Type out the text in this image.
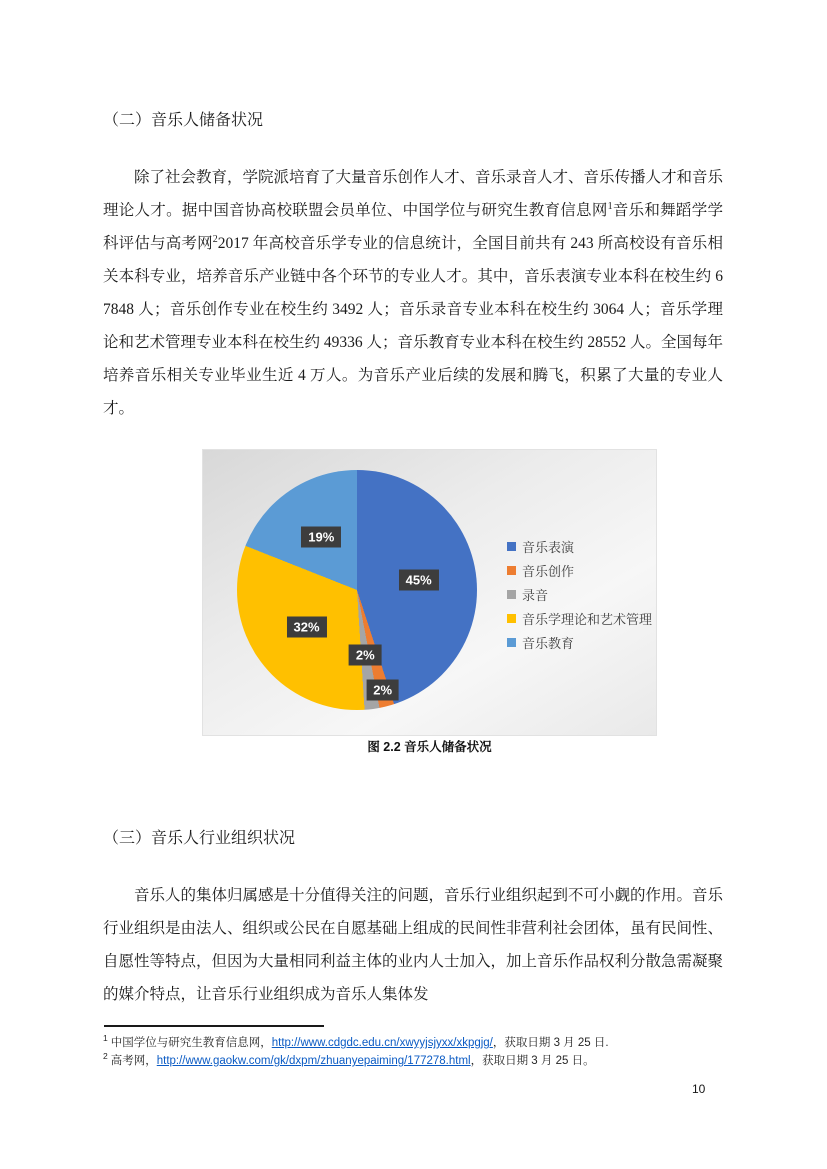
（二）音乐人储备状况

除了社会教育，学院派培育了大量音乐创作人才、音乐录音人才、音乐传播人才和音乐理论人才。据中国音协高校联盟会员单位、中国学位与研究生教育信息网$^1$音乐和舞蹈学学科评估与高考网$^2$2017 年高校音乐学专业的信息统计，全国目前共有 243 所高校设有音乐相关本科专业，培养音乐产业链中各个环节的专业人才。其中，音乐表演专业本科在校生约 67848 人；音乐创作专业在校生约 3492 人；音乐录音专业本科在校生约 3064 人；音乐学理论和艺术管理专业本科在校生约 49336 人；音乐教育专业本科在校生约 28552 人。全国每年培养音乐相关专业毕业生近 4 万人。为音乐产业后续的发展和腾飞，积累了大量的专业人才。

45%
2%
2%
32%
19%
音乐表演
音乐创作
录音
音乐学理论和艺术管理
音乐教育
图 2.2 音乐人储备状况
（三）音乐人行业组织状况

音乐人的集体归属感是十分值得关注的问题，音乐行业组织起到不可小觑的作用。音乐行业组织是由法人、组织或公民在自愿基础上组成的民间性非营利社会团体，虽有民间性、自愿性等特点，但因为大量相同利益主体的业内人士加入，加上音乐作品权利分散急需凝聚的媒介特点，让音乐行业组织成为音乐人集体发

$^1$ 中国学位与研究生教育信息网，http://www.cdgdc.edu.cn/xwyyjsjyxx/xkpgjg/，获取日期 3 月 25 日.
$^2$ 高考网，http://www.gaokw.com/gk/dxpm/zhuanyepaiming/177278.html，获取日期 3 月 25 日。
10
